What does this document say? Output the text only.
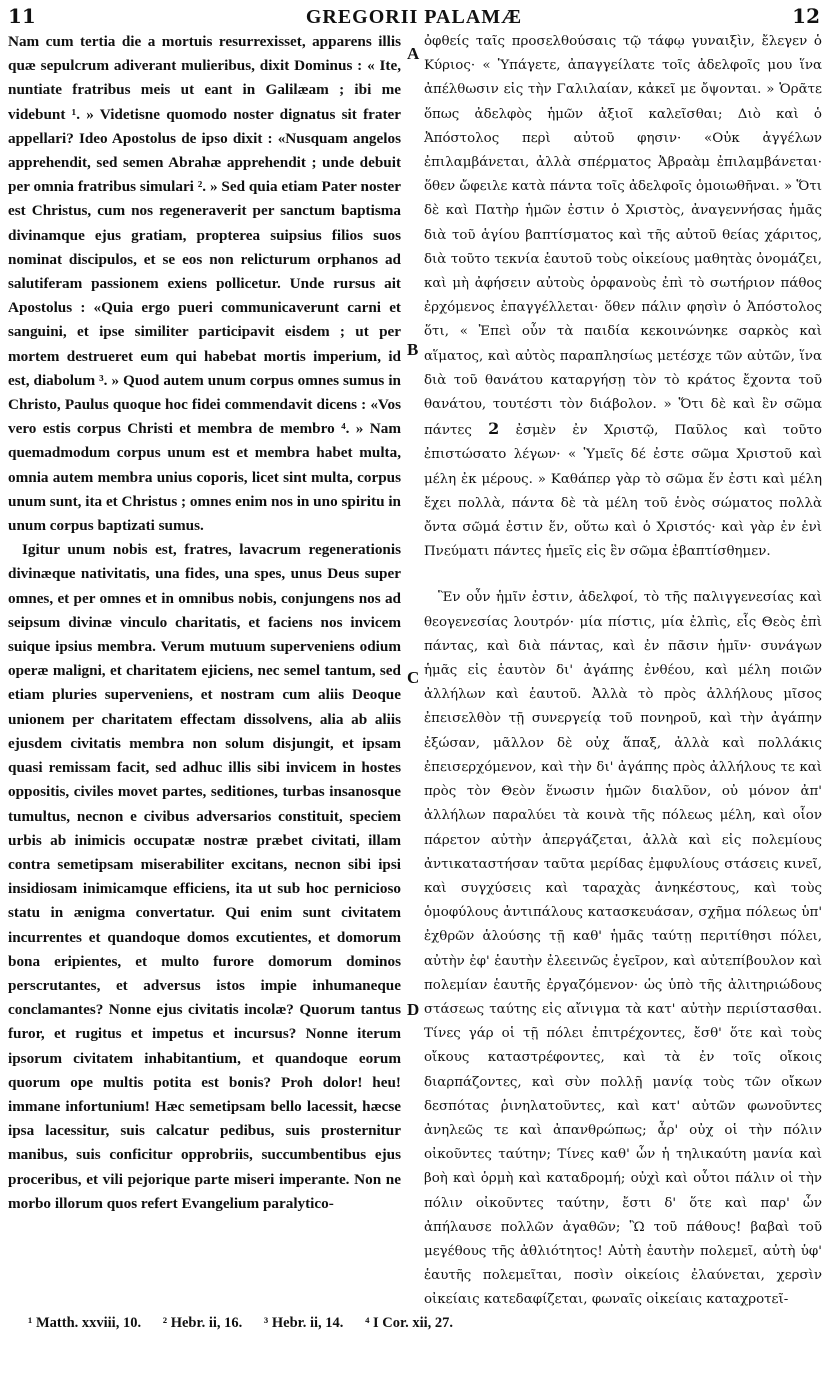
11	GREGORII PALAMÆ	12

Nam cum tertia die a mortuis resurrexisset, apparens illis quæ sepulcrum adiverant mulieribus, dixit Dominus : « Ite, nuntiate fratribus meis ut eant in Galilæam ; ibi me videbunt ¹. » Videtisne quomodo noster dignatus sit frater appellari? Ideo Apostolus de ipso dixit : «Nusquam angelos apprehendit, sed semen Abrahæ apprehendit ; unde debuit per omnia fratribus simulari ². » Sed quia etiam Pater noster est Christus, cum nos regeneraverit per sanctum baptisma divinamque ejus gratiam, propterea suipsius filios suos nominat discipulos, et se eos non relicturum orphanos ad salutiferam passionem exiens pollicetur. Unde rursus ait Apostolus : «Quia ergo pueri communicaverunt carni et sanguini, et ipse similiter participavit eisdem ; ut per mortem destrueret eum qui habebat mortis imperium, id est, diabolum ³. » Quod autem unum corpus omnes sumus in Christo, Paulus quoque hoc fidei commendavit dicens : «Vos vero estis corpus Christi et membra de membro ⁴. » Nam quemadmodum corpus unum est et membra habet multa, omnia autem membra unius coporis, licet sint multa, corpus unum sunt, ita et Christus ; omnes enim nos in uno spiritu in unum corpus baptizati sumus.

Igitur unum nobis est, fratres, lavacrum regenerationis divinæque nativitatis, una fides, una spes, unus Deus super omnes, et per omnes et in omnibus nobis, conjungens nos ad seipsum divinæ vinculo charitatis, et faciens nos invicem suique ipsius membra. Verum mutuum superveniens odium operæ maligni, et charitatem ejiciens, nec semel tantum, sed etiam pluries superveniens, et nostram cum aliis Deoque unionem per charitatem effectam dissolvens, alia ab aliis ejusdem civitatis membra non solum disjungit, et ipsam quasi remissam facit, sed adhuc illis sibi invicem in hostes oppositis, civiles movet partes, seditiones, turbas insanosque tumultus, necnon e civibus adversarios constituit, speciem urbis ab inimicis occupatæ nostræ præbet civitati, illam contra semetipsam miserabiliter excitans, necnon sibi ipsi insidiosam inimicamque efficiens, ita ut sub hoc pernicioso statu in ænigma convertatur. Qui enim sunt civitatem incurrentes et quandoque domos excutientes, et domorum bona eripientes, et multo furore domorum dominos perscrutantes, et adversus istos impie inhumaneque conclamantes? Nonne ejus civitatis incolæ? Quorum tantus furor, et rugitus et impetus et incursus? Nonne iterum ipsorum civitatem inhabitantium, et quandoque eorum quorum ope multis potita est bonis? Proh dolor! heu! immane infortunium! Hæc semetipsam bello lacessit, hæcse ipsa lacessitur, suis calcatur pedibus, suis prosternitur manibus, suis conficitur opprobriis, succumbentibus ejus proceribus, et vili pejorique parte miseri imperante. Non ne morbo illorum quos refert Evangelium paralytico-

A
B
C
D

ὀφθείς ταῖς προσελθούσαις τῷ τάφῳ γυναιξὶν, ἔλεγεν ὁ Κύριος· « Ὑπάγετε, ἀπαγγείλατε τοῖς ἀδελφοῖς μου ἵνα ἀπέλθωσιν εἰς τὴν Γαλιλαίαν, κἀκεῖ με ὄψονται. » Ὁρᾶτε ὅπως ἀδελφὸς ἡμῶν ἀξιοῖ καλεῖσθαι; Διὸ καὶ ὁ Ἀπόστολος περὶ αὐτοῦ φησιν· «Οὐκ ἀγγέλων ἐπιλαμβάνεται, ἀλλὰ σπέρματος Ἀβραὰμ ἐπιλαμβάνεται· ὅθεν ὤφειλε κατὰ πάντα τοῖς ἀδελφοῖς ὁμοιωθῆναι. » Ὅτι δὲ καὶ Πατὴρ ἡμῶν ἐστιν ὁ Χριστὸς, ἀναγεννήσας ἡμᾶς διὰ τοῦ ἁγίου βαπτίσματος καὶ τῆς αὐτοῦ θείας χάριτος, διὰ τοῦτο τεκνία ἑαυτοῦ τοὺς οἰκείους μαθητὰς ὀνομάζει, καὶ μὴ ἀφήσειν αὐτοὺς ὀρφανοὺς ἐπὶ τὸ σωτήριον πάθος ἐρχόμενος ἐπαγγέλλεται· ὅθεν πάλιν φησὶν ὁ Ἀπόστολος ὅτι, « Ἐπεὶ οὖν τὰ παιδία κεκοινώνηκε σαρκὸς καὶ αἵματος, καὶ αὐτὸς παραπλησίως μετέσχε τῶν αὐτῶν, ἵνα διὰ τοῦ θανάτου καταργήσῃ τὸν τὸ κράτος ἔχοντα τοῦ θανάτου, τουτέστι τὸν διάβολον. » Ὅτι δὲ καὶ ἓν σῶμα πάντες 2 ἐσμὲν ἐν Χριστῷ, Παῦλος καὶ τοῦτο ἐπιστώσατο λέγων· « Ὑμεῖς δέ ἐστε σῶμα Χριστοῦ καὶ μέλη ἐκ μέρους. » Καθάπερ γὰρ τὸ σῶμα ἕν ἐστι καὶ μέλη ἔχει πολλὰ, πάντα δὲ τὰ μέλη τοῦ ἑνὸς σώματος πολλὰ ὄντα σῶμά ἐστιν ἕν, οὕτω καὶ ὁ Χριστός· καὶ γὰρ ἐν ἑνὶ Πνεύματι πάντες ἡμεῖς εἰς ἓν σῶμα ἐβαπτίσθημεν.

Ἓν οὖν ἡμῖν ἐστιν, ἀδελφοί, τὸ τῆς παλιγγενεσίας καὶ θεογενεσίας λουτρόν· μία πίστις, μία ἐλπὶς, εἷς Θεὸς ἐπὶ πάντας, καὶ διὰ πάντας, καὶ ἐν πᾶσιν ἡμῖν· συνάγων ἡμᾶς εἰς ἑαυτὸν δι' ἀγάπης ἐνθέου, καὶ μέλη ποιῶν ἀλλήλων καὶ ἑαυτοῦ. Ἀλλὰ τὸ πρὸς ἀλλήλους μῖσος ἐπεισελθὸν τῇ συνεργείᾳ τοῦ πονηροῦ, καὶ τὴν ἀγάπην ἐξώσαν, μᾶλλον δὲ οὐχ ἅπαξ, ἀλλὰ καὶ πολλάκις ἐπεισερχόμενον, καὶ τὴν δι' ἀγάπης πρὸς ἀλλήλους τε καὶ πρὸς τὸν Θεὸν ἕνωσιν ἡμῶν διαλῦον, οὐ μόνον ἀπ' ἀλλήλων παραλύει τὰ κοινὰ τῆς πόλεως μέλη, καὶ οἷον πάρετον αὐτὴν ἀπεργάζεται, ἀλλὰ καὶ εἰς πολεμίους ἀντικαταστήσαν ταῦτα μερίδας ἐμφυλίους στάσεις κινεῖ, καὶ συγχύσεις καὶ ταραχὰς ἀνηκέστους, καὶ τοὺς ὁμοφύλους ἀντιπάλους κατασκευάσαν, σχῆμα πόλεως ὑπ' ἐχθρῶν ἁλούσης τῇ καθ' ἡμᾶς ταύτῃ περιτίθησι πόλει, αὐτὴν ἐφ' ἑαυτὴν ἐλεεινῶς ἐγεῖρον, καὶ αὐτεπίβουλον καὶ πολεμίαν ἑαυτῆς ἐργαζόμενον· ὡς ὑπὸ τῆς ἀλιτηριώδους στάσεως ταύτης εἰς αἴνιγμα τὰ κατ' αὐτὴν περιίστασθαι. Τίνες γάρ οἱ τῇ πόλει ἐπιτρέχοντες, ἔσθ' ὅτε καὶ τοὺς οἴκους καταστρέφοντες, καὶ τὰ ἐν τοῖς οἴκοις διαρπάζοντες, καὶ σὺν πολλῇ μανίᾳ τοὺς τῶν οἴκων δεσπότας ῥινηλατοῦντες, καὶ κατ' αὐτῶν φωνοῦντες ἀνηλεῶς τε καὶ ἀπανθρώπως; ἆρ' οὐχ οἱ τὴν πόλιν οἰκοῦντες ταύτην; Τίνες καθ' ὧν ἡ τηλικαύτη μανία καὶ βοὴ καὶ ὁρμὴ καὶ καταδρομή; οὐχὶ καὶ οὗτοι πάλιν οἱ τὴν πόλιν οἰκοῦντες ταύτην, ἔστι δ' ὅτε καὶ παρ' ὧν ἀπήλαυσε πολλῶν ἀγαθῶν; Ὢ τοῦ πάθους! βαβαὶ τοῦ μεγέθους τῆς ἀθλιότητος! Αὐτὴ ἑαυτὴν πολεμεῖ, αὐτὴ ὑφ' ἑαυτῆς πολεμεῖται, ποσὶν οἰκείοις ἐλαύνεται, χερσὶν οἰκείαις κατεδαφίζεται, φωναῖς οἰκείαις καταχροτεῖ-

¹ Matth. xxviii, 10. ² Hebr. ii, 16. ³ Hebr. ii, 14. ⁴ I Cor. xii, 27.
